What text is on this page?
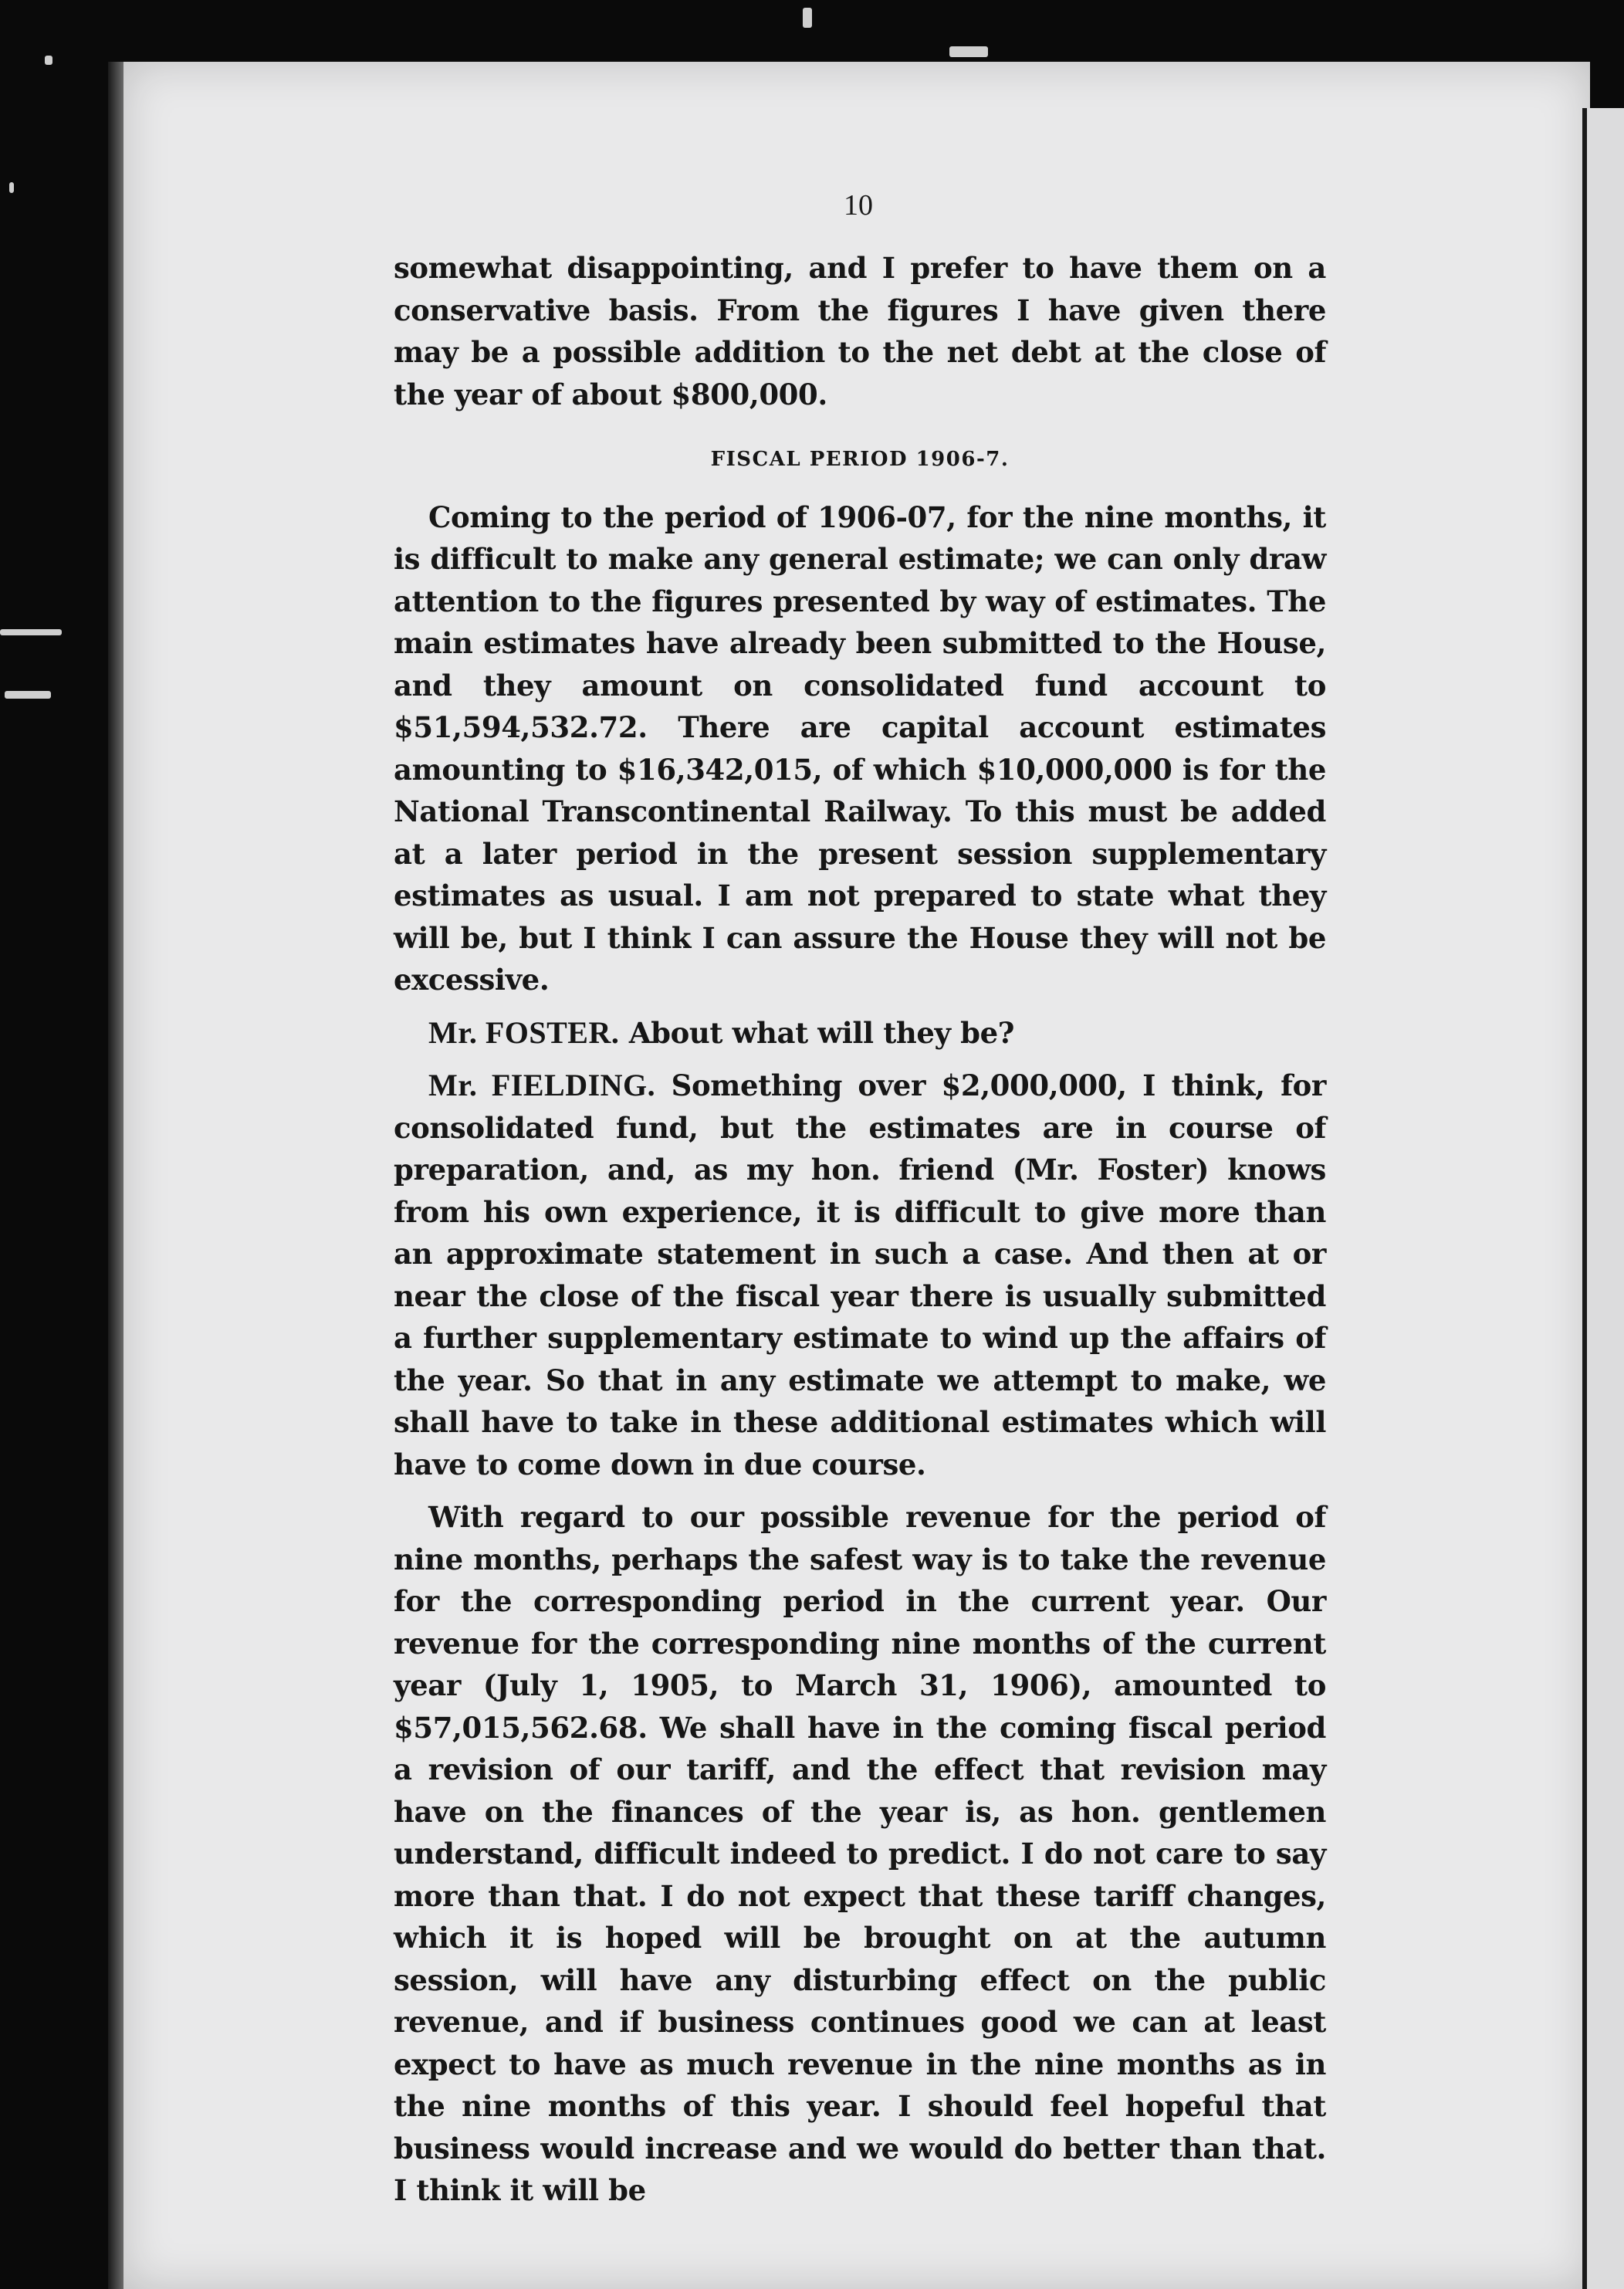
10

somewhat disappointing, and I prefer to have them on a conservative basis. From the figures I have given there may be a possible addition to the net debt at the close of the year of about $800,000.

FISCAL PERIOD 1906-7.

Coming to the period of 1906-07, for the nine months, it is difficult to make any general estimate; we can only draw attention to the figures presented by way of estimates. The main estimates have already been submitted to the House, and they amount on consolidated fund account to $51,594,532.72. There are capital account estimates amounting to $16,342,015, of which $10,000,000 is for the National Transcontinental Railway. To this must be added at a later period in the present session supplementary estimates as usual. I am not prepared to state what they will be, but I think I can assure the House they will not be excessive.

Mr. FOSTER. About what will they be?

Mr. FIELDING. Something over $2,000,000, I think, for consolidated fund, but the estimates are in course of preparation, and, as my hon. friend (Mr. Foster) knows from his own experience, it is difficult to give more than an approximate statement in such a case. And then at or near the close of the fiscal year there is usually submitted a further supplementary estimate to wind up the affairs of the year. So that in any estimate we attempt to make, we shall have to take in these additional estimates which will have to come down in due course.

With regard to our possible revenue for the period of nine months, perhaps the safest way is to take the revenue for the corresponding period in the current year. Our revenue for the corresponding nine months of the current year (July 1, 1905, to March 31, 1906), amounted to $57,015,562.68. We shall have in the coming fiscal period a revision of our tariff, and the effect that revision may have on the finances of the year is, as hon. gentlemen understand, difficult indeed to predict. I do not care to say more than that. I do not expect that these tariff changes, which it is hoped will be brought on at the autumn session, will have any disturbing effect on the public revenue, and if business continues good we can at least expect to have as much revenue in the nine months as in the nine months of this year. I should feel hopeful that business would increase and we would do better than that. I think it will be
